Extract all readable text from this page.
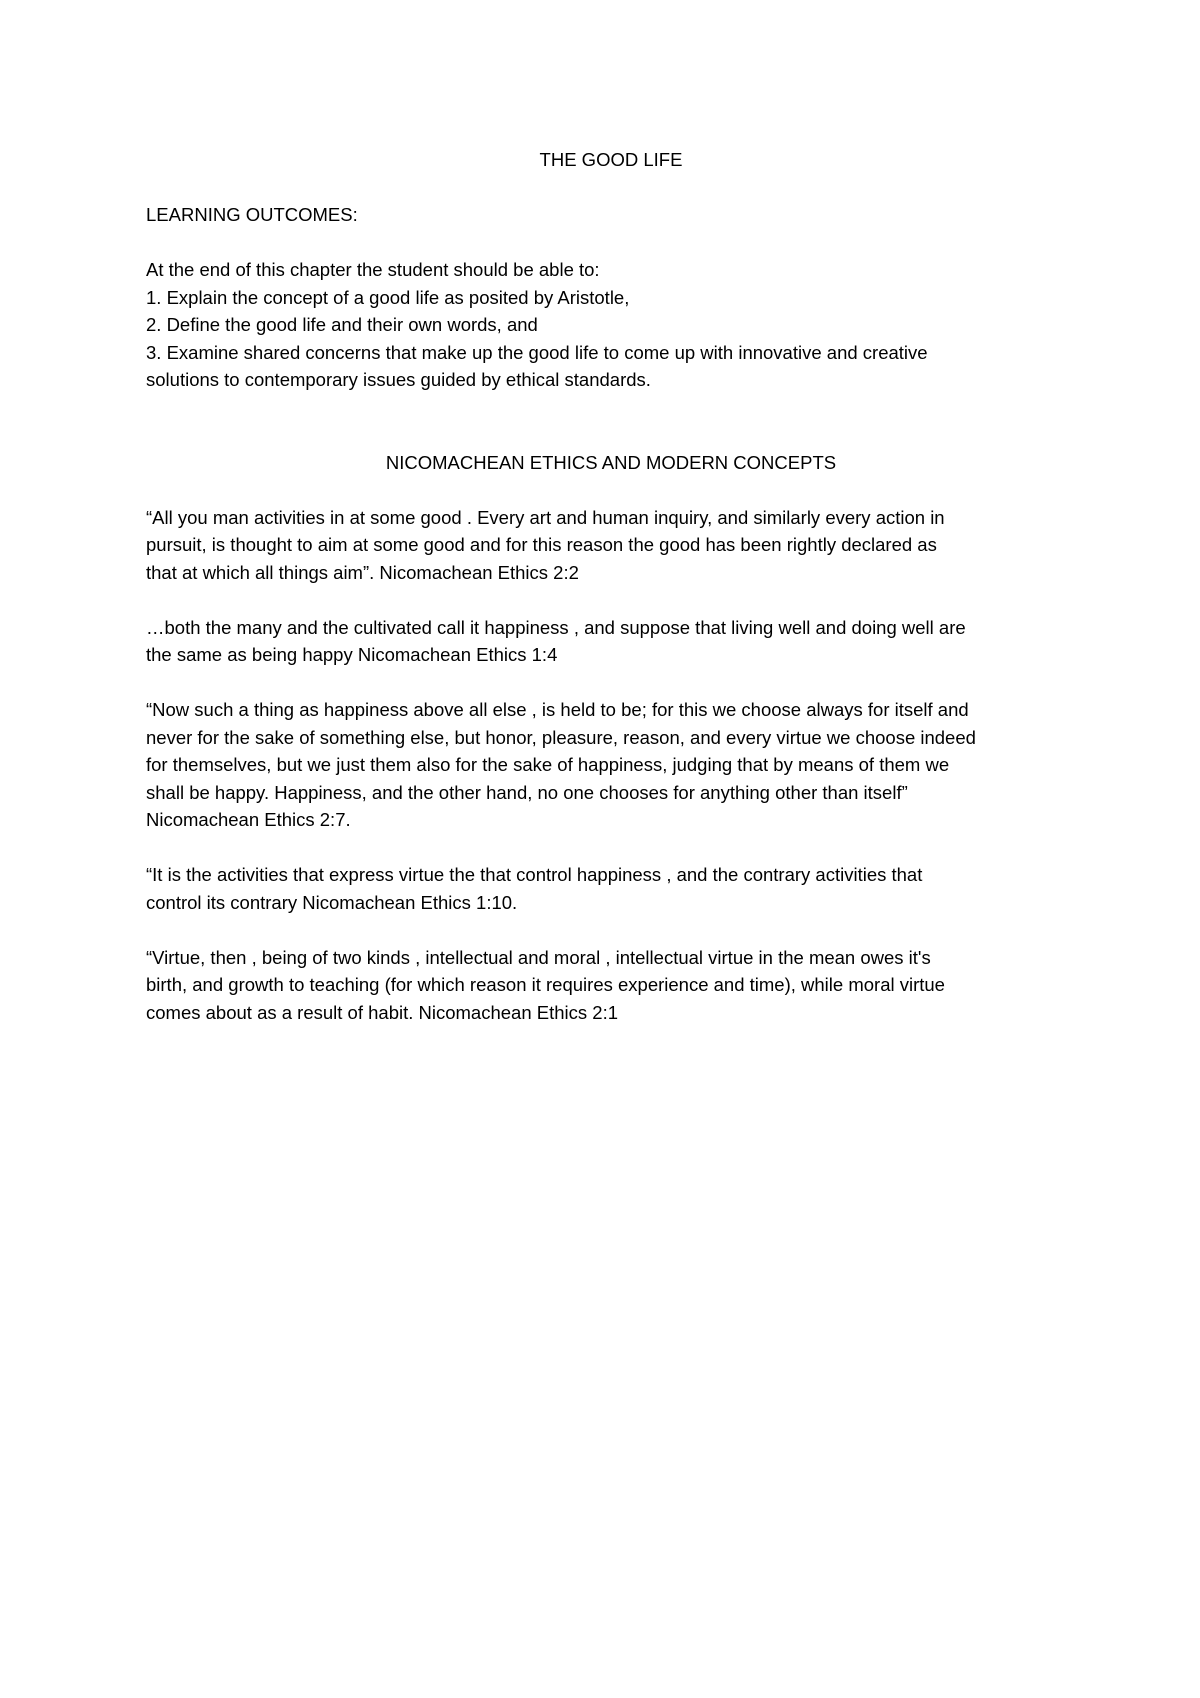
THE GOOD LIFE

LEARNING OUTCOMES:

At the end of this chapter the student should be able to:

1. Explain the concept of a good life as posited by Aristotle,

2. Define the good life and their own words, and

3. Examine shared concerns that make up the good life to come up with innovative and creative

solutions to contemporary issues guided by ethical standards.

NICOMACHEAN ETHICS AND MODERN CONCEPTS

“All you man activities in at some good . Every art and human inquiry, and similarly every action in

pursuit, is thought to aim at some good and for this reason the good has been rightly declared as

that at which all things aim”. Nicomachean Ethics 2:2

…both the many and the cultivated call it happiness , and suppose that living well and doing well are

the same as being happy Nicomachean Ethics 1:4

“Now such a thing as happiness above all else , is held to be; for this we choose always for itself and

never for the sake of something else, but honor, pleasure, reason, and every virtue we choose indeed

for themselves, but we just them also for the sake of happiness, judging that by means of them we

shall be happy. Happiness, and the other hand, no one chooses for anything other than itself”

Nicomachean Ethics 2:7.

“It is the activities that express virtue the that control happiness , and the contrary activities that

control its contrary Nicomachean Ethics 1:10.

“Virtue, then , being of two kinds , intellectual and moral , intellectual virtue in the mean owes it's

birth, and growth to teaching (for which reason it requires experience and time), while moral virtue

comes about as a result of habit. Nicomachean Ethics 2:1
